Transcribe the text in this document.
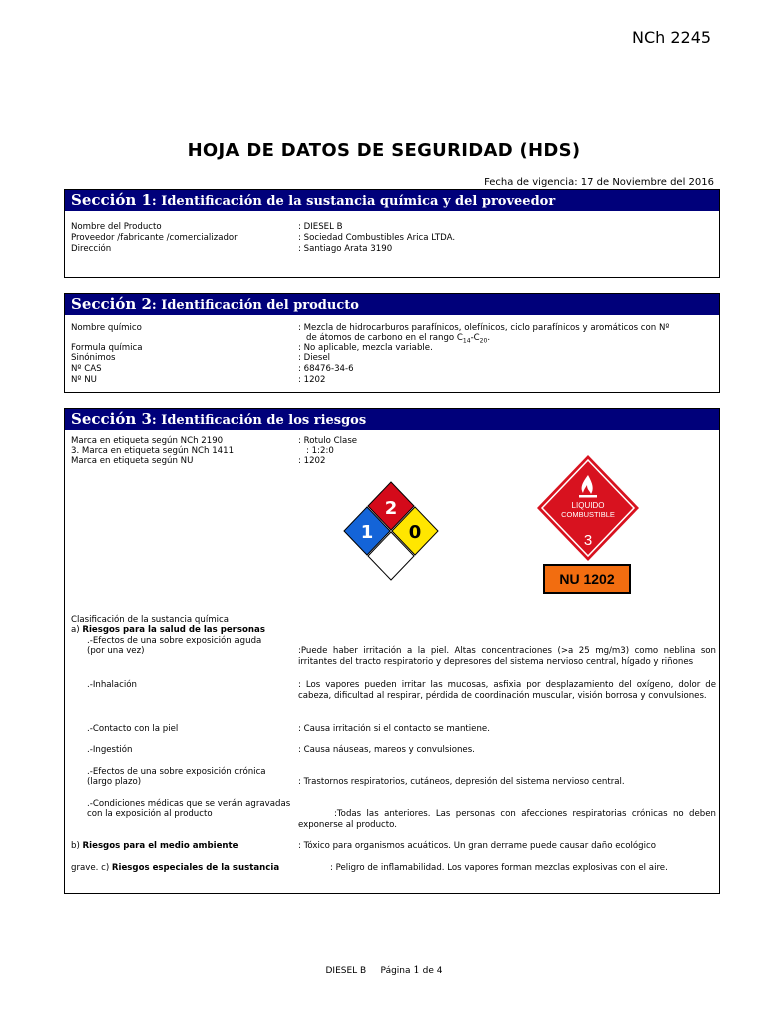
NCh 2245
HOJA DE DATOS DE SEGURIDAD (HDS)
Fecha de vigencia: 17 de Noviembre del 2016
Sección 1: Identificación de la sustancia química y del proveedor
Nombre del Producto	: DIESEL B
Proveedor /fabricante /comercializador	: Sociedad Combustibles Arica LTDA.
Dirección	: Santiago Arata 3190
Sección 2: Identificación del producto
Nombre químico	: Mezcla de hidrocarburos parafínicos, olefínicos, ciclo parafínicos y aromáticos con Nº
de átomos de carbono en el rango $C_{14}-C_{20}$.
Formula química	: No aplicable, mezcla variable.
Sinónimos	: Diesel
Nº CAS	: 68476-34-6
Nº NU	: 1202
Sección 3: Identificación de los riesgos
Marca en etiqueta según NCh 2190	: Rotulo Clase
3. Marca en etiqueta según NCh 1411	: 1:2:0
Marca en etiqueta según NU	: 1202
2
1 0
LIQUIDO
COMBUSTIBLE
3
NU 1202
Clasificación de la sustancia química
a) Riesgos para la salud de las personas
.-Efectos de una sobre exposición aguda
(por una vez)	:Puede haber irritación a la piel. Altas concentraciones (>a 25 mg/m3) como neblina son irritantes del tracto respiratorio y depresores del sistema nervioso central, hígado y riñones
.-Inhalación	: Los vapores pueden irritar las mucosas, asfixia por desplazamiento del oxígeno, dolor de cabeza, dificultad al respirar, pérdida de coordinación muscular, visión borrosa y convulsiones.
.-Contacto con la piel	: Causa irritación si el contacto se mantiene.
.-Ingestión	: Causa náuseas, mareos y convulsiones.
.-Efectos de una sobre exposición crónica
(largo plazo)	: Trastornos respiratorios, cutáneos, depresión del sistema nervioso central.
.-Condiciones médicas que se verán agravadas
con la exposición al producto	:Todas las anteriores. Las personas con afecciones respiratorias crónicas no deben exponerse al producto.
b) Riesgos para el medio ambiente	: Tóxico para organismos acuáticos. Un gran derrame puede causar daño ecológico
grave. c) Riesgos especiales de la sustancia	: Peligro de inflamabilidad. Los vapores forman mezclas explosivas con el aire.
DIESEL B Página 1 de 4
